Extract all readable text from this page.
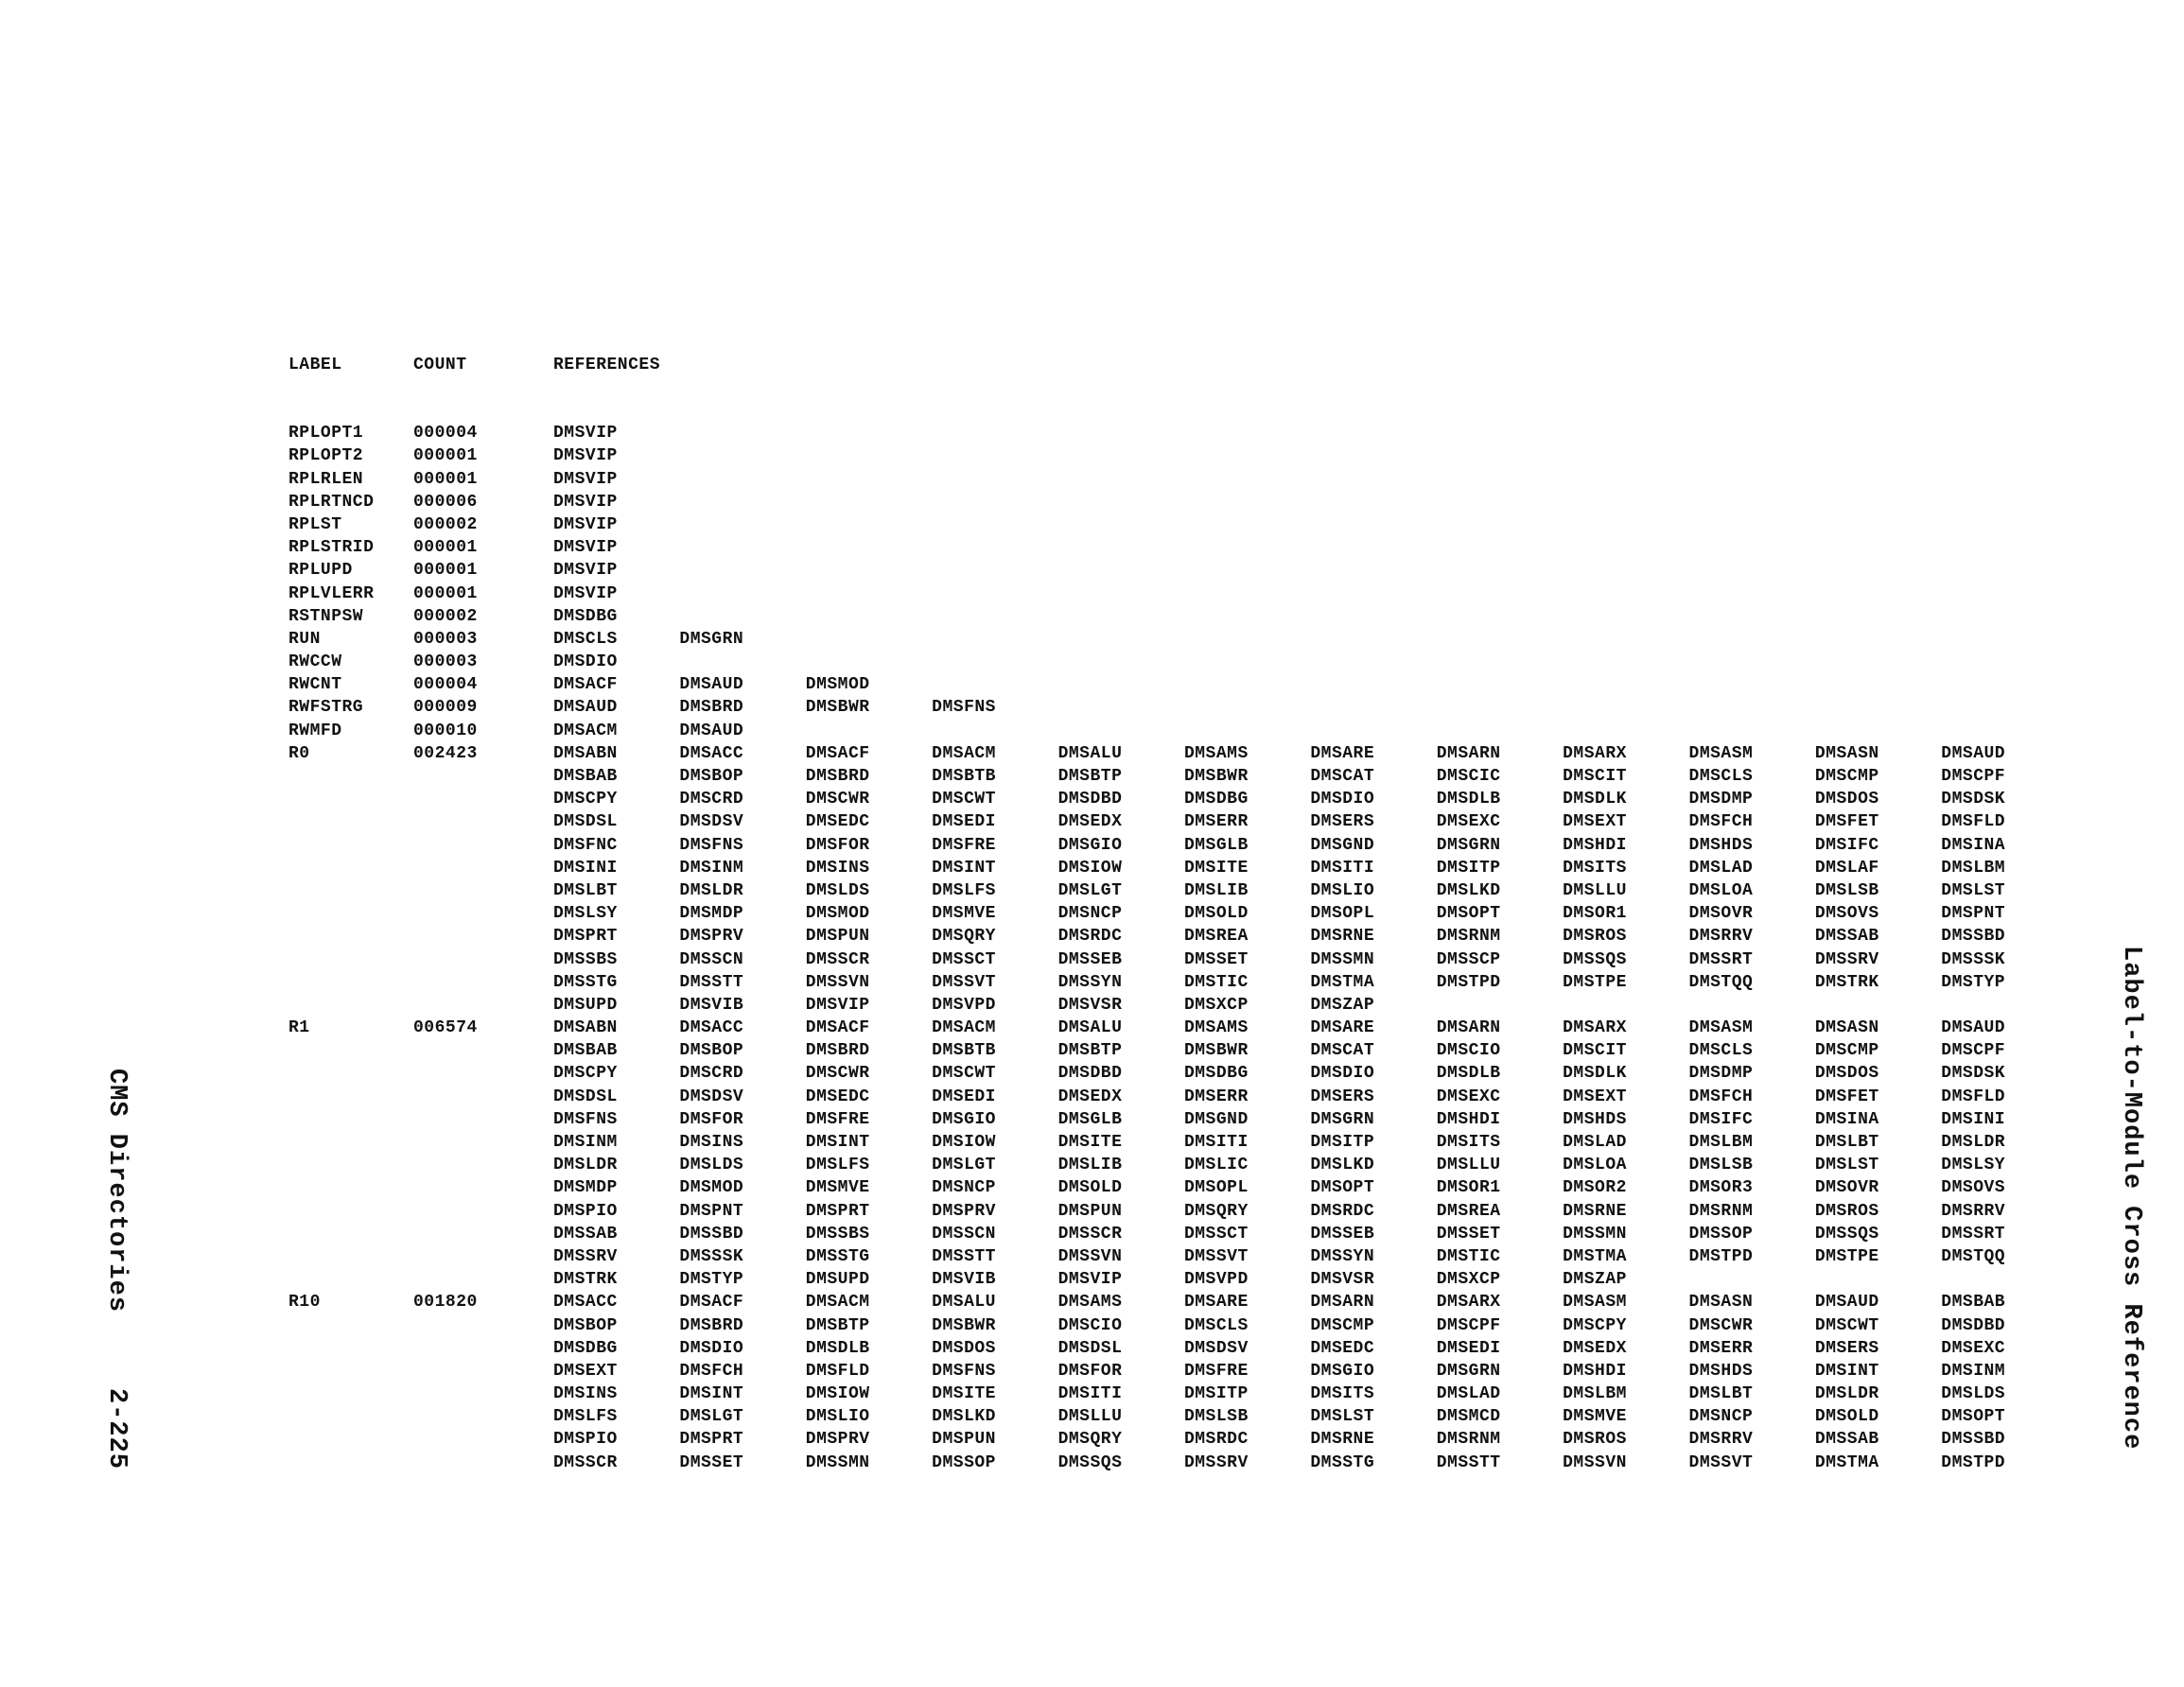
LABEL	COUNT	REFERENCES
RPLOPT1	000004	DMSVIP
RPLOPT2	000001	DMSVIP
RPLRLEN	000001	DMSVIP
RPLRTNCD 000006	DMSVIP
RPLST	000002	DMSVIP
RPLSTRID 000001	DMSVIP
RPLUPD	000001	DMSVIP
RPLVLERR 000001	DMSVIP
RSTNPSW	000002	DMSDBG
RUN	000003	DMSCLS	DMSGRN
RWCCW	000003	DMSDIO
RWCNT	000004	DMSACF	DMSAUD	DMSMOD
RWFSTRG	000009	DMSAUD	DMSBRD	DMSBWR	DMSFNS
RWMFD	000010	DMSACM	DMSAUD
R0	002423	DMSABN	DMSACC	DMSACF	DMSACM	DMSALU	DMSAMS	DMSARE	DMSARN	DMSARX	DMSASM	DMSASN	DMSAUD
DMSBAB	DMSBOP	DMSBRD	DMSBTB	DMSBTP	DMSBWR	DMSCAT	DMSCIC	DMSCIT	DMSCLS	DMSCMP	DMSCPF
DMSCPY	DMSCRD	DMSCWR	DMSCWT	DMSDBD	DMSDBG	DMSDIO	DMSDLB	DMSDLK	DMSDMP	DMSDOS	DMSDSK
DMSDSL	DMSDSV	DMSEDC	DMSEDI	DMSEDX	DMSERR	DMSERS	DMSEXC	DMSEXT	DMSFCH	DMSFET	DMSFLD
DMSFNC	DMSFNS	DMSFOR	DMSFRE	DMSGIO	DMSGLB	DMSGND	DMSGRN	DMSHDI	DMSHDS	DMSIFC	DMSINA
DMSINI	DMSINM	DMSINS	DMSINT	DMSIOW	DMSITE	DMSITI	DMSITP	DMSITS	DMSLAD	DMSLAF	DMSLBM
DMSLBT	DMSLDR	DMSLDS	DMSLFS	DMSLGT	DMSLIB	DMSLIO	DMSLKD	DMSLLU	DMSLOA	DMSLSB	DMSLST
DMSLSY	DMSMDP	DMSMOD	DMSMVE	DMSNCP	DMSOLD	DMSOPL	DMSOPT	DMSOR1	DMSOVR	DMSOVS	DMSPNT
DMSPRT	DMSPRV	DMSPUN	DMSQRY	DMSRDC	DMSREA	DMSRNE	DMSRNM	DMSROS	DMSRRV	DMSSAB	DMSSBD
DMSSBS	DMSSCN	DMSSCR	DMSSCT	DMSSEB	DMSSET	DMSSMN	DMSSCP	DMSSQS	DMSSRT	DMSSRV	DMSSSK
DMSSTG	DMSSTT	DMSSVN	DMSSVT	DMSSYN	DMSTIC	DMSTMA	DMSTPD	DMSTPE	DMSTQQ	DMSTRK	DMSTYP
DMSUPD	DMSVIB	DMSVIP	DMSVPD	DMSVSR	DMSXCP	DMSZAP
R1	006574	DMSABN	DMSACC	DMSACF	DMSACM	DMSALU	DMSAMS	DMSARE	DMSARN	DMSARX	DMSASM	DMSASN	DMSAUD
DMSBAB	DMSBOP	DMSBRD	DMSBTB	DMSBTP	DMSBWR	DMSCAT	DMSCIO	DMSCIT	DMSCLS	DMSCMP	DMSCPF
DMSCPY	DMSCRD	DMSCWR	DMSCWT	DMSDBD	DMSDBG	DMSDIO	DMSDLB	DMSDLK	DMSDMP	DMSDOS	DMSDSK
DMSDSL	DMSDSV	DMSEDC	DMSEDI	DMSEDX	DMSERR	DMSERS	DMSEXC	DMSEXT	DMSFCH	DMSFET	DMSFLD
DMSFNS	DMSFOR	DMSFRE	DMSGIO	DMSGLB	DMSGND	DMSGRN	DMSHDI	DMSHDS	DMSIFC	DMSINA	DMSINI
DMSINM	DMSINS	DMSINT	DMSIOW	DMSITE	DMSITI	DMSITP	DMSITS	DMSLAD	DMSLBM	DMSLBT	DMSLDR
DMSLDR	DMSLDS	DMSLFS	DMSLGT	DMSLIB	DMSLIC	DMSLKD	DMSLLU	DMSLOA	DMSLSB	DMSLST	DMSLSY
DMSMDP	DMSMOD	DMSMVE	DMSNCP	DMSOLD	DMSOPL	DMSOPT	DMSOR1	DMSOR2	DMSOR3	DMSOVR	DMSOVS
DMSPIO	DMSPNT	DMSPRT	DMSPRV	DMSPUN	DMSQRY	DMSRDC	DMSREA	DMSRNE	DMSRNM	DMSROS	DMSRRV
DMSSAB	DMSSBD	DMSSBS	DMSSCN	DMSSCR	DMSSCT	DMSSEB	DMSSET	DMSSMN	DMSSOP	DMSSQS	DMSSRT
DMSSRV	DMSSSK	DMSSTG	DMSSTT	DMSSVN	DMSSVT	DMSSYN	DMSTIC	DMSTMA	DMSTPD	DMSTPE	DMSTQQ
DMSTRK	DMSTYP	DMSUPD	DMSVIB	DMSVIP	DMSVPD	DMSVSR	DMSXCP	DMSZAP
R10	001820	DMSACC	DMSACF	DMSACM	DMSALU	DMSAMS	DMSARE	DMSARN	DMSARX	DMSASM	DMSASN	DMSAUD	DMSBAB
DMSBOP	DMSBRD	DMSBTP	DMSBWR	DMSCIO	DMSCLS	DMSCMP	DMSCPF	DMSCPY	DMSCWR	DMSCWT	DMSDBD
DMSDBG	DMSDIO	DMSDLB	DMSDOS	DMSDSL	DMSDSV	DMSEDC	DMSEDI	DMSEDX	DMSERR	DMSERS	DMSEXC
DMSEXT	DMSFCH	DMSFLD	DMSFNS	DMSFOR	DMSFRE	DMSGIO	DMSGRN	DMSHDI	DMSHDS	DMSINT	DMSINM
DMSINS	DMSINT	DMSIOW	DMSITE	DMSITI	DMSITP	DMSITS	DMSLAD	DMSLBM	DMSLBT	DMSLDR	DMSLDS
DMSLFS	DMSLGT	DMSLIO	DMSLKD	DMSLLU	DMSLSB	DMSLST	DMSMCD	DMSMVE	DMSNCP	DMSOLD	DMSOPT
DMSPIO	DMSPRT	DMSPRV	DMSPUN	DMSQRY	DMSRDC	DMSRNE	DMSRNM	DMSROS	DMSRRV	DMSSAB	DMSSBD
DMSSCR	DMSSET	DMSSMN	DMSSOP	DMSSQS	DMSSRV	DMSSTG	DMSSTT	DMSSVN	DMSSVT	DMSTMA	DMSTPD
Label-to-Module Cross Reference
CMS Directories2-225
